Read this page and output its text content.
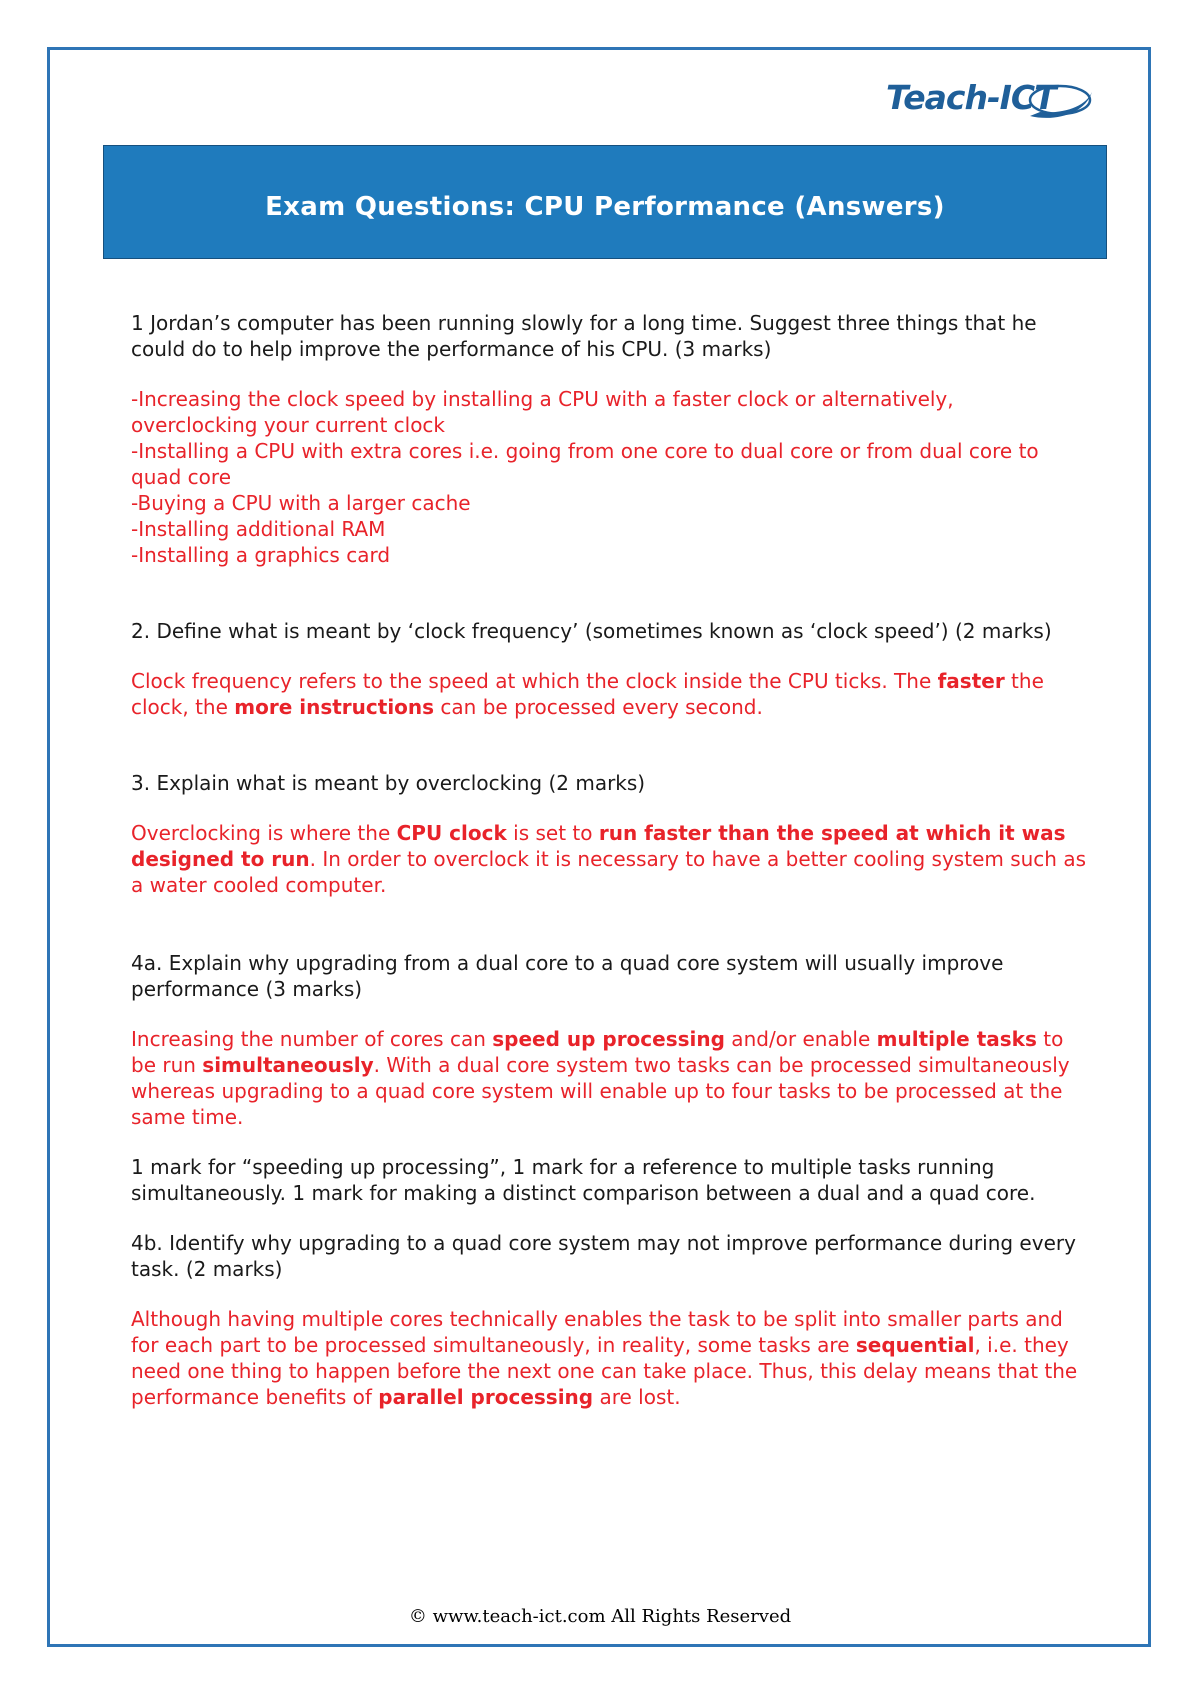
Teach-ICT
Exam Questions: CPU Performance (Answers)

1 Jordan’s computer has been running slowly for a long time. Suggest three things that he could do to help improve the performance of his CPU. (3 marks)

-Increasing the clock speed by installing a CPU with a faster clock or alternatively, overclocking your current clock

-Installing a CPU with extra cores i.e. going from one core to dual core or from dual core to quad core

-Buying a CPU with a larger cache

-Installing additional RAM

-Installing a graphics card

2. Define what is meant by ‘clock frequency’ (sometimes known as ‘clock speed’) (2 marks)

Clock frequency refers to the speed at which the clock inside the CPU ticks. The faster the clock, the more instructions can be processed every second.

3. Explain what is meant by overclocking (2 marks)

Overclocking is where the CPU clock is set to run faster than the speed at which it was designed to run. In order to overclock it is necessary to have a better cooling system such as a water cooled computer.

4a. Explain why upgrading from a dual core to a quad core system will usually improve performance (3 marks)

Increasing the number of cores can speed up processing and/or enable multiple tasks to be run simultaneously. With a dual core system two tasks can be processed simultaneously whereas upgrading to a quad core system will enable up to four tasks to be processed at the same time.

1 mark for “speeding up processing”, 1 mark for a reference to multiple tasks running simultaneously. 1 mark for making a distinct comparison between a dual and a quad core.

4b. Identify why upgrading to a quad core system may not improve performance during every task. (2 marks)

Although having multiple cores technically enables the task to be split into smaller parts and for each part to be processed simultaneously, in reality, some tasks are sequential, i.e. they need one thing to happen before the next one can take place. Thus, this delay means that the performance benefits of parallel processing are lost.

© www.teach-ict.com All Rights Reserved
